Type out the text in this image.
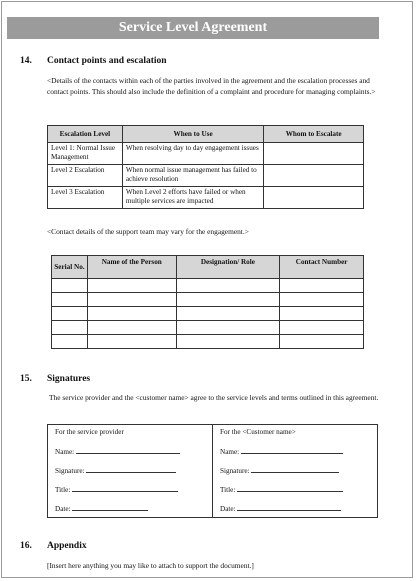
Service Level Agreement
14. Contact points and escalation
<Details of the contacts within each of the parties involved in the agreement and the escalation processes and contact points. This should also include the definition of a complaint and procedure for managing complaints.>
Escalation Level	When to Use	Whom to Escalate
Level 1: Normal Issue Management	When resolving day to day engagement issues	
Level 2 Escalation	When normal issue management has failed to achieve resolution	
Level 3 Escalation	When Level 2 efforts have failed or when multiple services are impacted	
<Contact details of the support team may vary for the engagement.>
Serial No.	Name of the Person	Designation/ Role	Contact Number

15. Signatures
The service provider and the <customer name> agree to the service levels and terms outlined in this agreement.
For the service provider
Name:
Signature:
Title:
Date:
For the <Customer name>
Name:
Signature:
Title:
Date:
16. Appendix
[Insert here anything you may like to attach to support the document.]
